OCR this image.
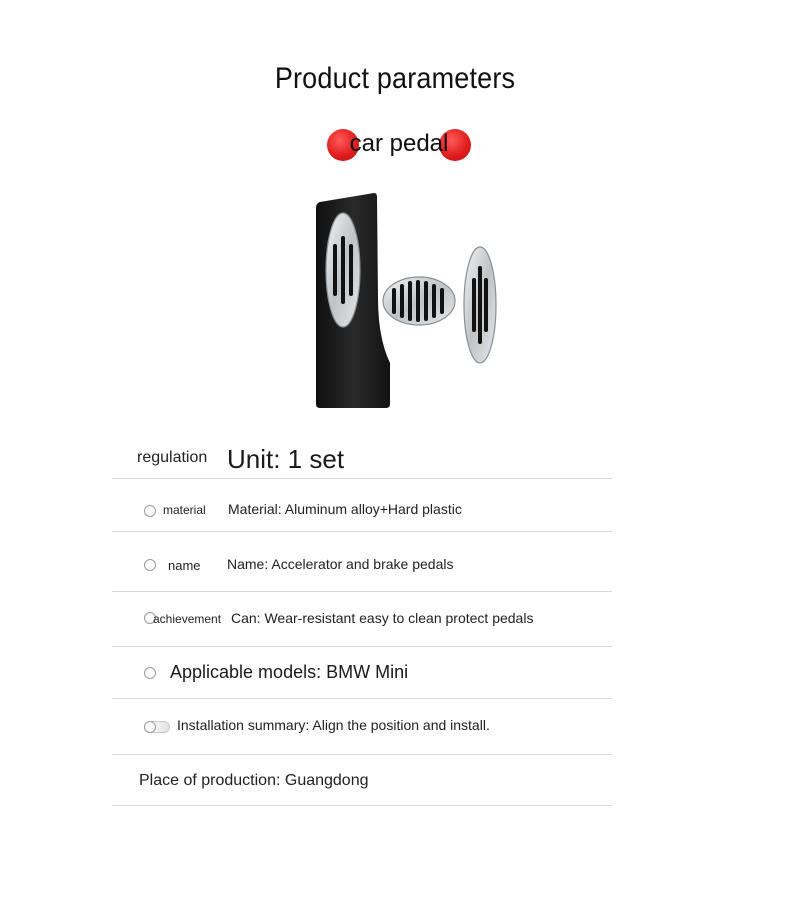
Product parameters
car pedal
regulation Unit: 1 set
material Material: Aluminum alloy+Hard plastic
name Name: Accelerator and brake pedals
achievement Can: Wear-resistant easy to clean protect pedals
Applicable models: BMW Mini
Installation summary: Align the position and install.
Place of production: Guangdong
